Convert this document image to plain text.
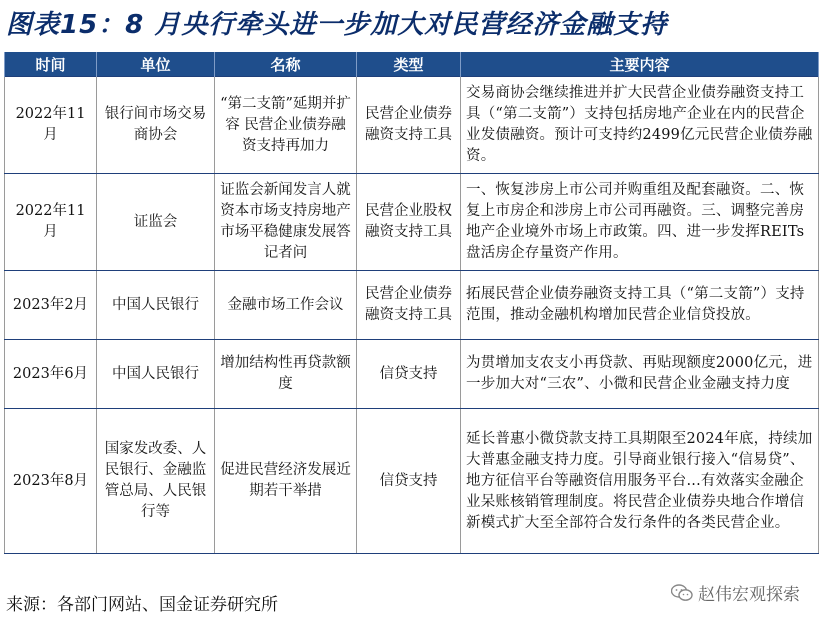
图表15：8 月央行牵头进一步加大对民营经济金融支持
时间	单位	名称	类型	主要内容
2022年11月	银行间市场交易商协会	“第二支箭”延期并扩容 民营企业债券融资支持再加力	民营企业债券融资支持工具	交易商协会继续推进并扩大民营企业债券融资支持工具（“第二支箭”）支持包括房地产企业在内的民营企业发债融资。预计可支持约2499亿元民营企业债券融资。
2022年11月	证监会	证监会新闻发言人就资本市场支持房地产市场平稳健康发展答记者问	民营企业股权融资支持工具	一、恢复涉房上市公司并购重组及配套融资。二、恢复上市房企和涉房上市公司再融资。三、调整完善房地产企业境外市场上市政策。四、进一步发挥REITs盘活房企存量资产作用。
2023年2月	中国人民银行	金融市场工作会议	民营企业债券融资支持工具	拓展民营企业债券融资支持工具（“第二支箭”）支持范围，推动金融机构增加民营企业信贷投放。
2023年6月	中国人民银行	增加结构性再贷款额度	信贷支持	为贯增加支农支小再贷款、再贴现额度2000亿元，进一步加大对“三农”、小微和民营企业金融支持力度
2023年8月	国家发改委、人民银行、金融监管总局、人民银行等	促进民营经济发展近期若干举措	信贷支持	延长普惠小微贷款支持工具期限至2024年底，持续加大普惠金融支持力度。引导商业银行接入“信易贷”、地方征信平台等融资信用服务平台...有效落实金融企业呆账核销管理制度。将民营企业债券央地合作增信新模式扩大至全部符合发行条件的各类民营企业。
来源：各部门网站、国金证券研究所	赵伟宏观探索
